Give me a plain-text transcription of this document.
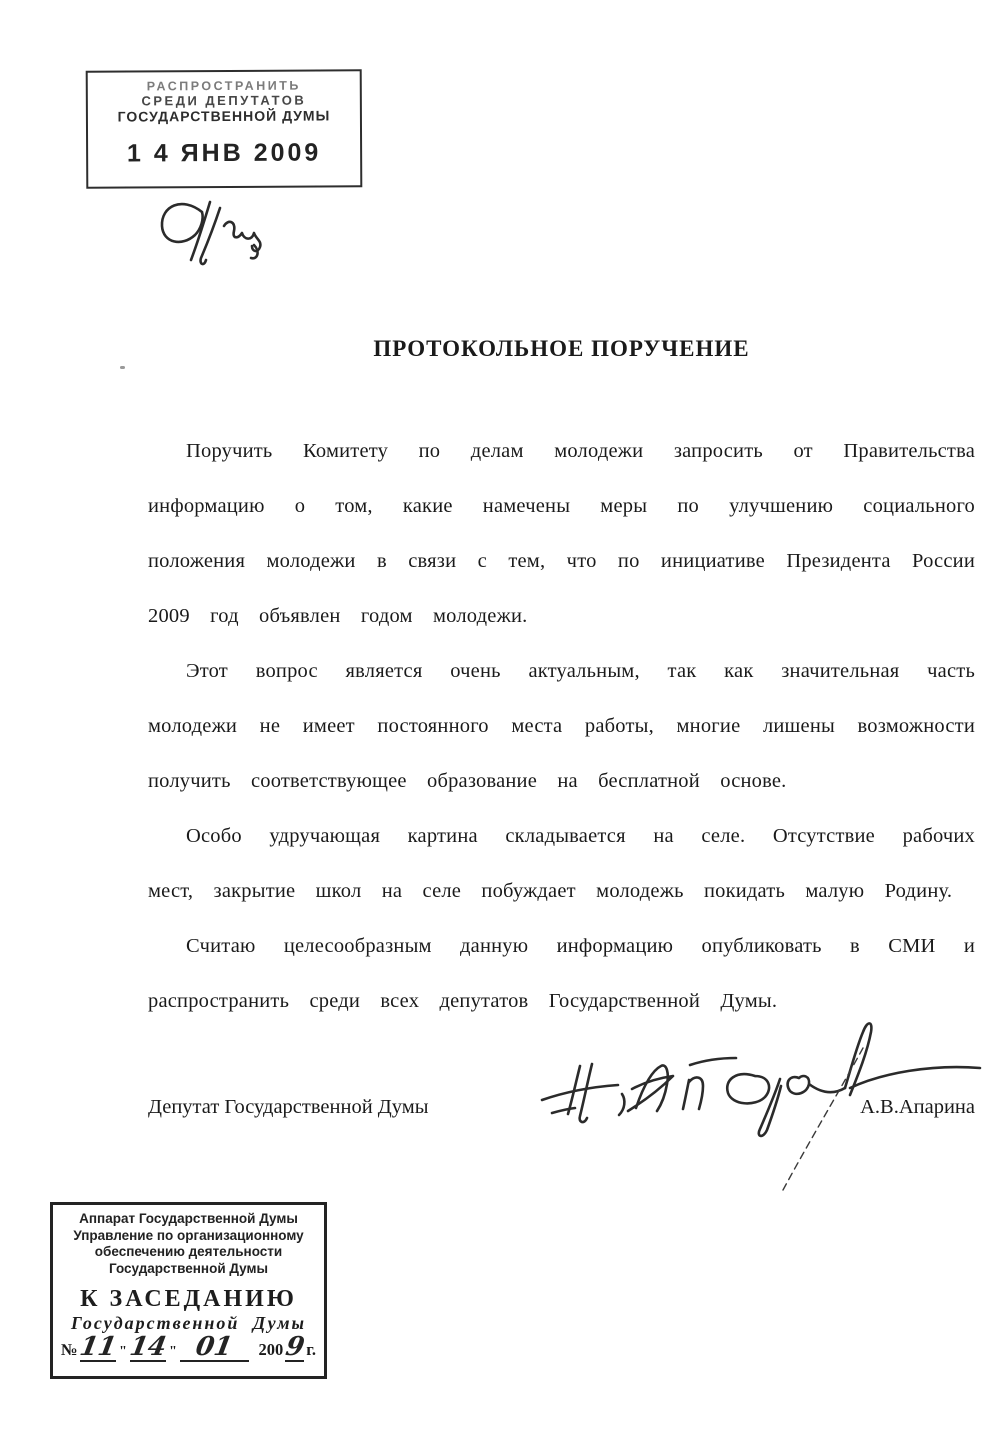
РАСПРОСТРАНИТЬ
СРЕДИ ДЕПУТАТОВ
ГОСУДАРСТВЕННОЙ ДУМЫ
1 4 ЯНВ 2009
ПРОТОКОЛЬНОЕ ПОРУЧЕНИЕ

Поручить Комитету по делам молодежи запросить от Правительства информацию о том, какие намечены меры по улучшению социального положения молодежи в связи с тем, что по инициативе Президента России 2009 год объявлен годом молодежи.

Этот вопрос является очень актуальным, так как значительная часть молодежи не имеет постоянного места работы, многие лишены возможности получить соответствующее образование на бесплатной основе.

Особо удручающая картина складывается на селе. Отсутствие рабочих мест, закрытие школ на селе побуждает молодежь покидать малую Родину.

Считаю целесообразным данную информацию опубликовать в СМИ и распространить среди всех депутатов Государственной Думы.

Депутат Государственной Думы	А.В.Апарина
Аппарат Государственной Думы
Управление по организационному
обеспечению деятельности
Государственной Думы
К ЗАСЕДАНИЮ
Государственной Думы
№ 11 " 14 " 01	200 9 г.
